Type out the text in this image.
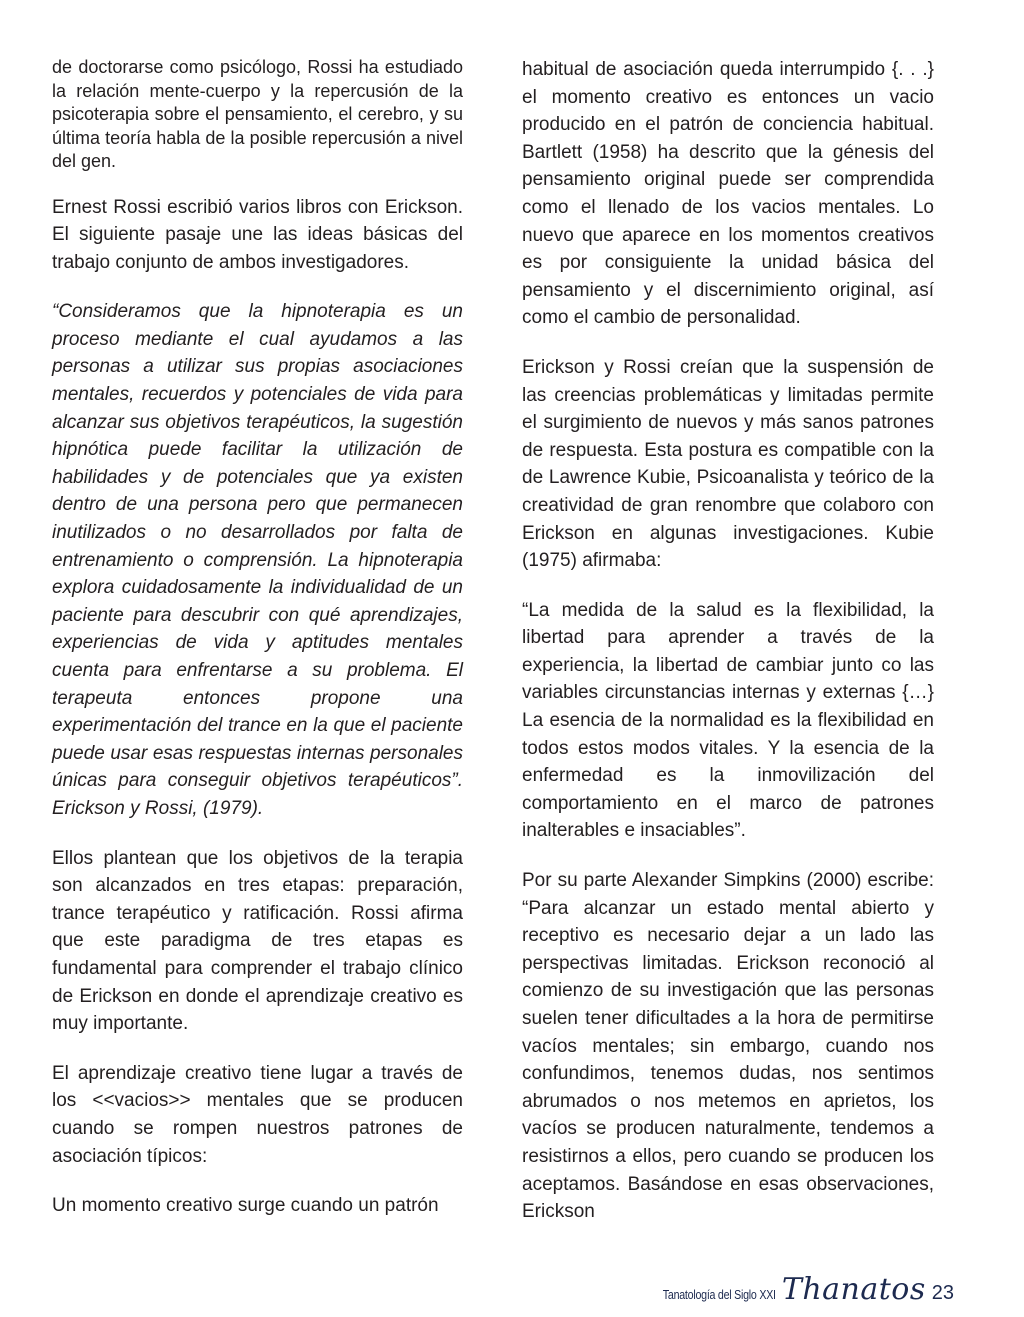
de doctorarse como psicólogo, Rossi ha estudiado la relación mente-cuerpo y la repercusión de la psicoterapia sobre el pensamiento, el cerebro, y su última teoría habla de la posible repercusión a nivel del gen.

Ernest Rossi escribió varios libros con Erickson. El siguiente pasaje une las ideas básicas del trabajo conjunto de ambos investigadores.

“Consideramos que la hipnoterapia es un proceso mediante el cual ayudamos a las personas a utilizar sus propias asociaciones mentales, recuerdos y potenciales de vida para alcanzar sus objetivos terapéuticos, la sugestión hipnótica puede facilitar la utilización de habilidades y de potenciales que ya existen dentro de una persona pero que permanecen inutilizados o no desarrollados por falta de entrenamiento o comprensión. La hipnoterapia explora cuidadosamente la individualidad de un paciente para descubrir con qué aprendizajes, experiencias de vida y aptitudes mentales cuenta para enfrentarse a su problema. El terapeuta entonces propone una experimentación del trance en la que el paciente puede usar esas respuestas internas personales únicas para conseguir objetivos terapéuticos”. Erickson y Rossi, (1979).

Ellos plantean que los objetivos de la terapia son alcanzados en tres etapas: preparación, trance terapéutico y ratificación. Rossi afirma que este paradigma de tres etapas es fundamental para comprender el trabajo clínico de Erickson en donde el aprendizaje creativo es muy importante.

El aprendizaje creativo tiene lugar a través de los <<vacios>> mentales que se producen cuando se rompen nuestros patrones de asociación típicos:

Un momento creativo surge cuando un patrón

habitual de asociación queda interrumpido {. . .} el momento creativo es entonces un vacio producido en el patrón de conciencia habitual. Bartlett (1958) ha descrito que la génesis del pensamiento original puede ser comprendida como el llenado de los vacios mentales. Lo nuevo que aparece en los momentos creativos es por consiguiente la unidad básica del pensamiento y el discernimiento original, así como el cambio de personalidad.

Erickson y Rossi creían que la suspensión de las creencias problemáticas y limitadas permite el surgimiento de nuevos y más sanos patrones de respuesta. Esta postura es compatible con la de Lawrence Kubie, Psicoanalista y teórico de la creatividad de gran renombre que colaboro con Erickson en algunas investigaciones. Kubie (1975) afirmaba:

“La medida de la salud es la flexibilidad, la libertad para aprender a través de la experiencia, la libertad de cambiar junto co las variables circunstancias internas y externas {…} La esencia de la normalidad es la flexibilidad en todos estos modos vitales. Y la esencia de la enfermedad es la inmovilización del comportamiento en el marco de patrones inalterables e insaciables”.

Por su parte Alexander Simpkins (2000) escribe: “Para alcanzar un estado mental abierto y receptivo es necesario dejar a un lado las perspectivas limitadas. Erickson reconoció al comienzo de su investigación que las personas suelen tener dificultades a la hora de permitirse vacíos mentales; sin embargo, cuando nos confundimos, tenemos dudas, nos sentimos abrumados o nos metemos en aprietos, los vacíos se producen naturalmente, tendemos a resistirnos a ellos, pero cuando se producen los aceptamos. Basándose en esas observaciones, Erickson

Tanatología del Siglo XXI Thanatos 23
